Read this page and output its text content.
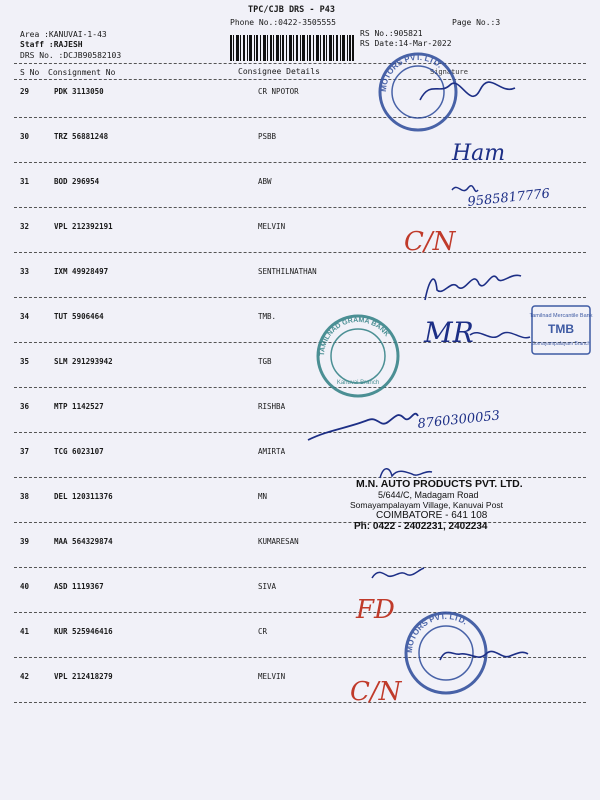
TPC/CJB DRS - P43
Phone No.:0422-3505555	Page No.:3
Area :KANUVAI-1-43
Staff :RAJESH
DRS No. :DCJB90582103
RS No.:905821
RS Date:14-Mar-2022
S No Consignment No	Consignee Details	Signature
29	PDK 3113050	CR NPOTOR
30	TRZ 56881248	PSBB
31	BOD 296954	ABW
32	VPL 212392191	MELVIN
33	IXM 49928497	SENTHILNATHAN
34	TUT 5906464	TMB.
35	SLM 291293942	TGB
36	MTP 1142527	RISHBA
37	TCG 6023107	AMIRTA
38	DEL 120311376	MN
39	MAA 564329874	KUMARESAN
40	ASD 1119367	SIVA
41	KUR 525946416	CR
42	VPL 212418279	MELVIN
MOTORS PVT. LTD.
Ham
9585817776
C/N
TAMILNAD GRAMA BANK
Kanuvai Branch
MR	Tamilnad Mercantile Bank
TMB
Somayampalayam Branch
8760300053
FD
MOTORS PVT. LTD.
C/N
M.N. AUTO PRODUCTS PVT. LTD.
5/644/C, Madagam Road
Somayampalayam Village, Kanuvai Post
COIMBATORE - 641 108
Ph: 0422 - 2402231, 2402234
